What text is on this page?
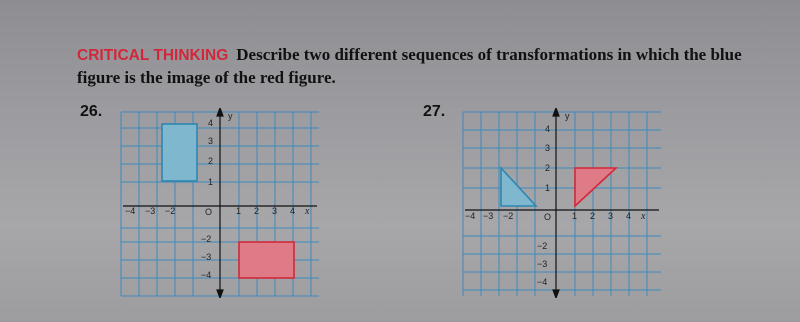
CRITICAL THINKING Describe two different sequences of transformations in which the blue figure is the image of the red figure.
26.	27.
y
4
3
2
1
−2
−3
−4
−4 −3 −2	O	1 2 3 4 x
y
4
3
2
1
−2
−3
−4
−4 −3 −2	O 1 2 3 4 x
